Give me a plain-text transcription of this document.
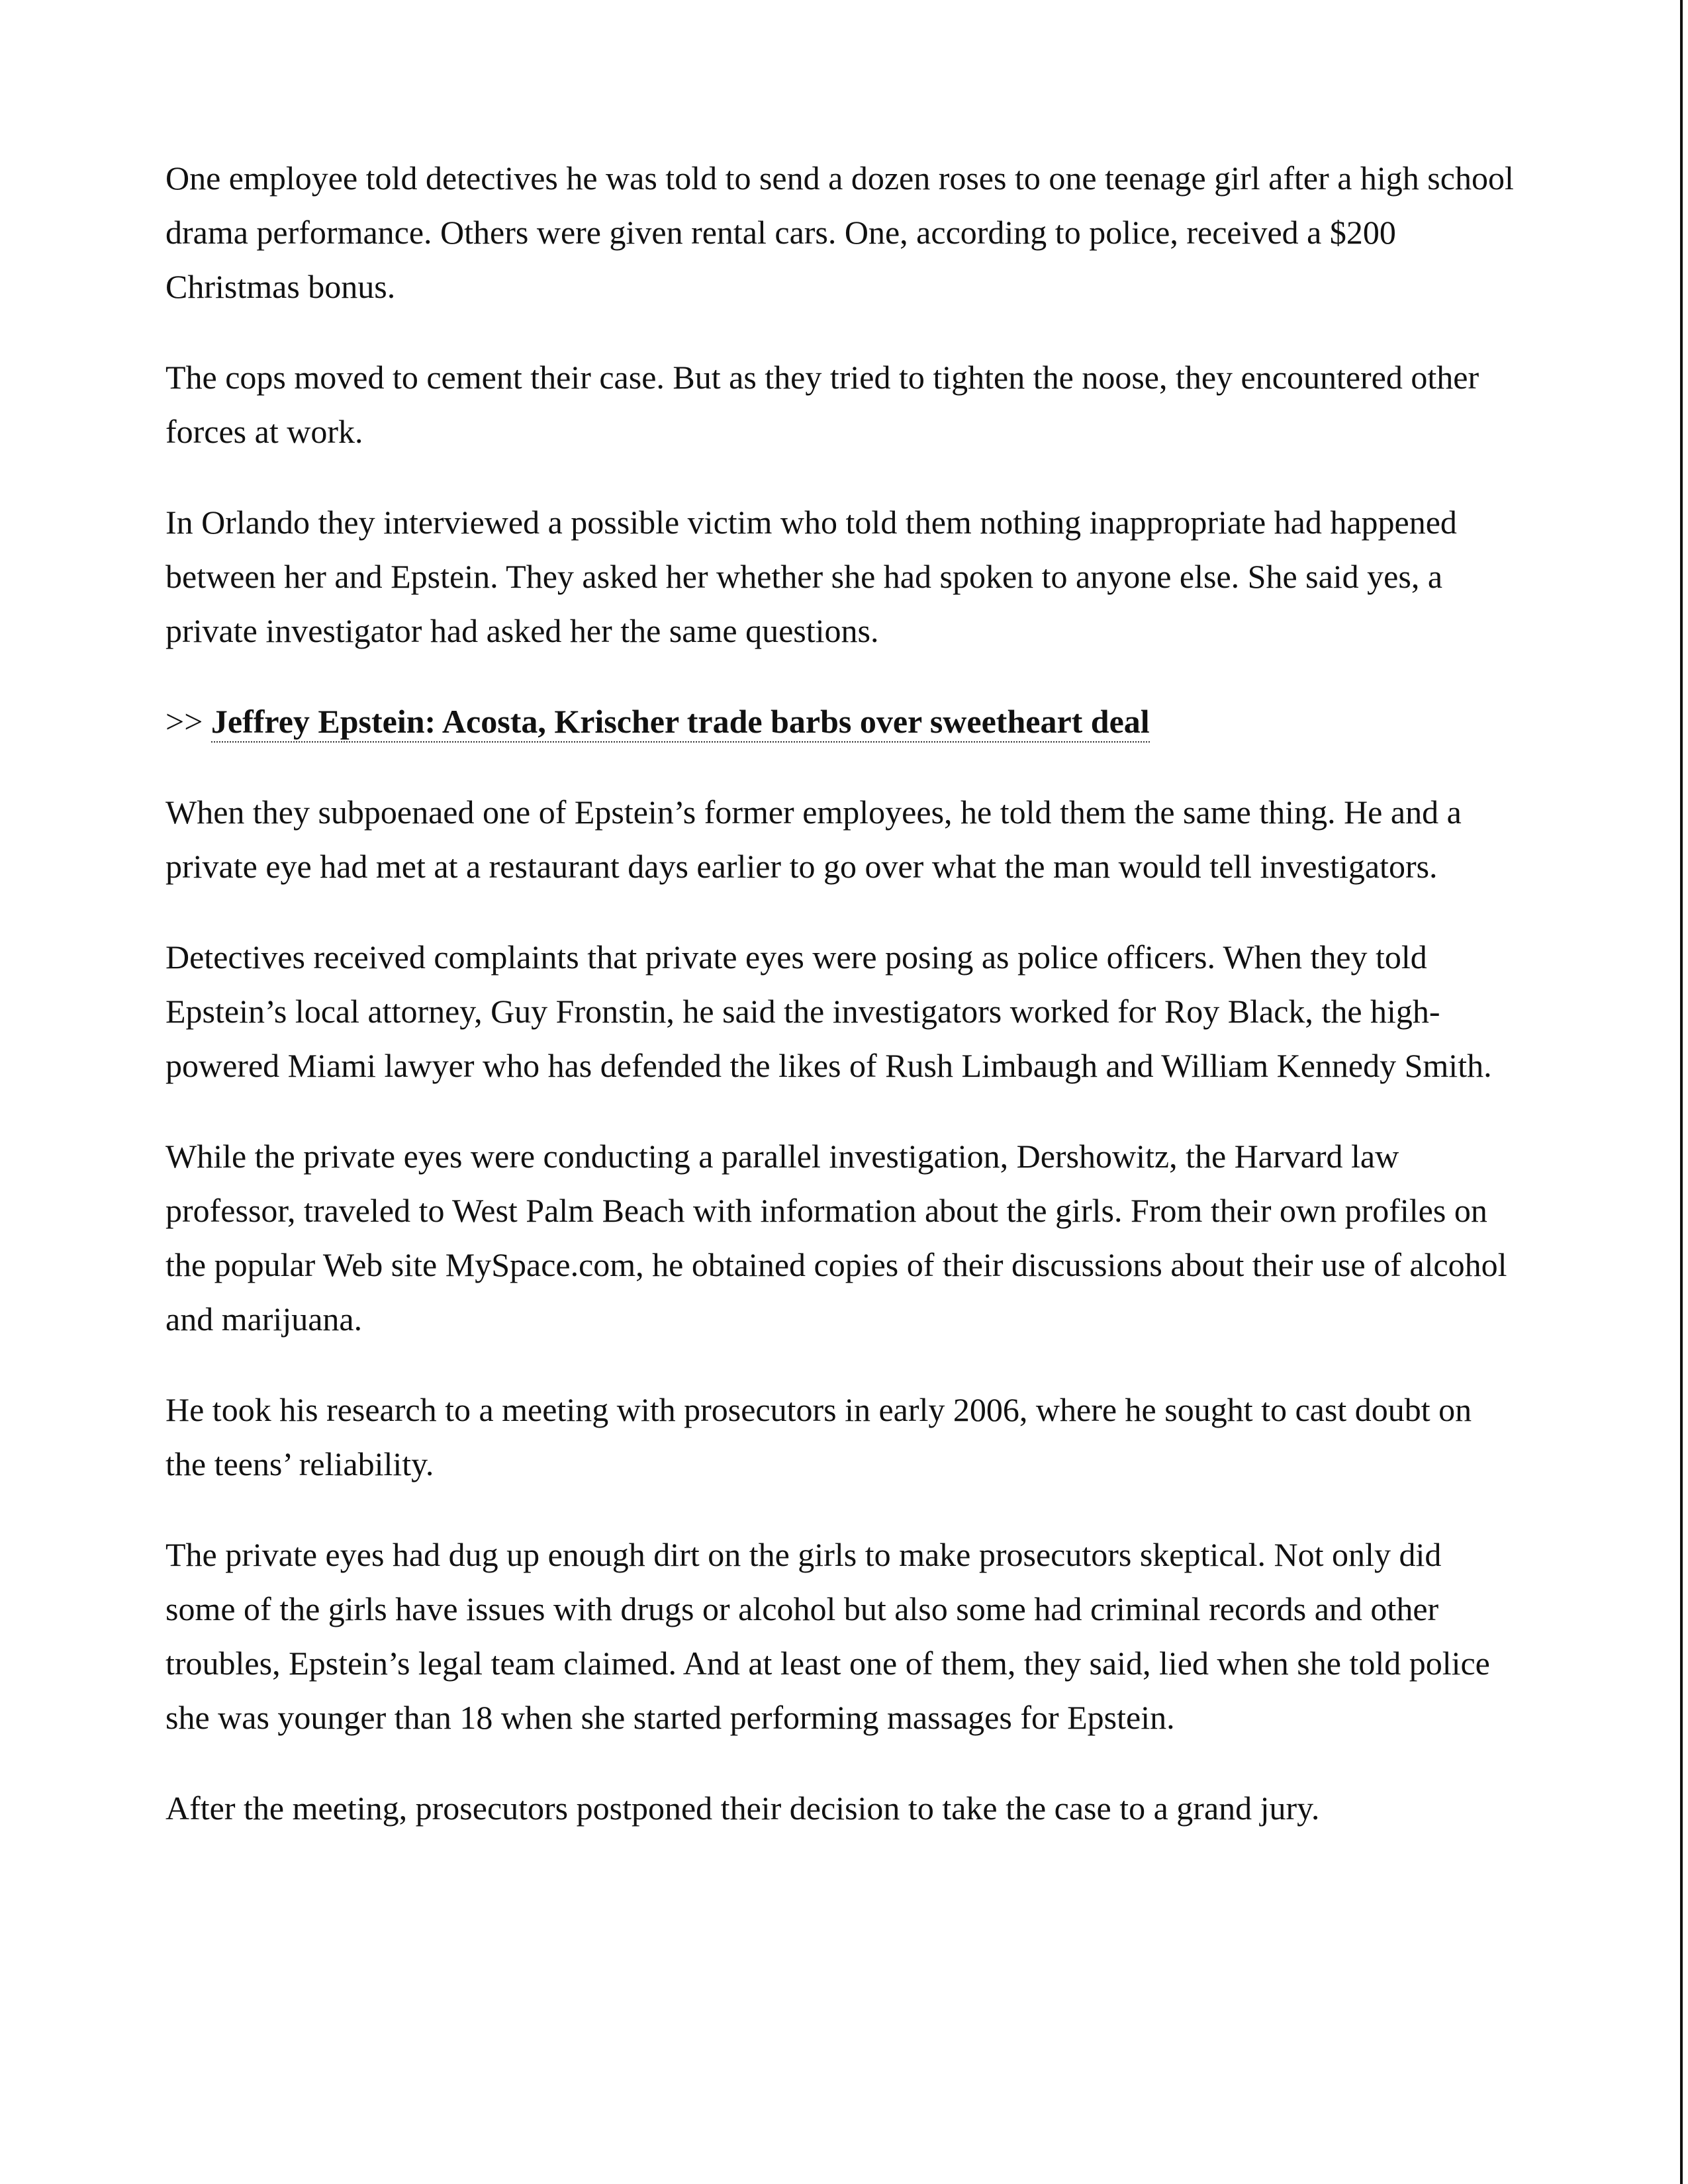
One employee told detectives he was told to send a dozen roses to one teenage girl after a high school drama performance. Others were given rental cars. One, according to police, received a $200 Christmas bonus.

The cops moved to cement their case. But as they tried to tighten the noose, they encountered other forces at work.

In Orlando they interviewed a possible victim who told them nothing inappropriate had happened between her and Epstein. They asked her whether she had spoken to anyone else. She said yes, a private investigator had asked her the same questions.

>> Jeffrey Epstein: Acosta, Krischer trade barbs over sweetheart deal

When they subpoenaed one of Epstein’s former employees, he told them the same thing. He and a private eye had met at a restaurant days earlier to go over what the man would tell investigators.

Detectives received complaints that private eyes were posing as police officers. When they told Epstein’s local attorney, Guy Fronstin, he said the investigators worked for Roy Black, the high-powered Miami lawyer who has defended the likes of Rush Limbaugh and William Kennedy Smith.

While the private eyes were conducting a parallel investigation, Dershowitz, the Harvard law professor, traveled to West Palm Beach with information about the girls. From their own profiles on the popular Web site MySpace.com, he obtained copies of their discussions about their use of alcohol and marijuana.

He took his research to a meeting with prosecutors in early 2006, where he sought to cast doubt on the teens’ reliability.

The private eyes had dug up enough dirt on the girls to make prosecutors skeptical. Not only did some of the girls have issues with drugs or alcohol but also some had criminal records and other troubles, Epstein’s legal team claimed. And at least one of them, they said, lied when she told police she was younger than 18 when she started performing massages for Epstein.

After the meeting, prosecutors postponed their decision to take the case to a grand jury.
